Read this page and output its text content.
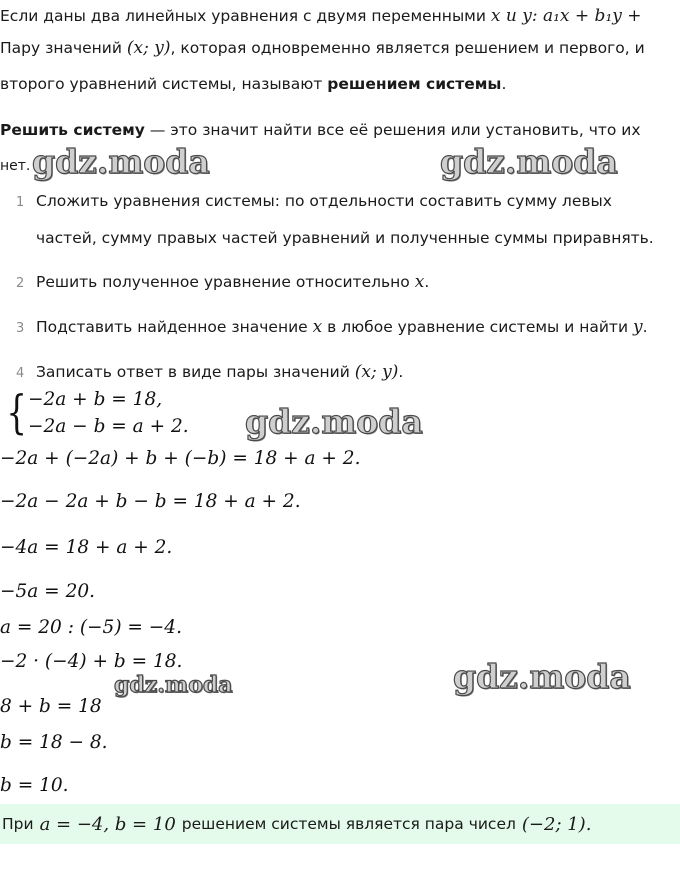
Если даны два линейных уравнения с двумя переменными x и y: a₁x + b₁y +
Пару значений (x; y), которая одновременно является решением и первого, и
второго уравнений системы, называют решением системы.
Решить систему — это значит найти все её решения или установить, что их
нет. gdz.moda	gdz.moda
gdz.moda
gdz.moda
gdz.moda
1 Сложить уравнения системы: по отдельности составить сумму левых
частей, сумму правых частей уравнений и полученные суммы приравнять.
2 Решить полученное уравнение относительно x.
3 Подставить найденное значение x в любое уравнение системы и найти y.
4 Записать ответ в виде пары значений (x; y).
{ −2a + b = 18,
−2a − b = a + 2.
−2a + (−2a) + b + (−b) = 18 + a + 2.
−2a − 2a + b − b = 18 + a + 2.
−4a = 18 + a + 2.
−5a = 20.
a = 20 : (−5) = −4.
−2 · (−4) + b = 18.
8 + b = 18
b = 18 − 8.
b = 10.
При a = −4, b = 10 решением системы является пара чисел (−2; 1).
